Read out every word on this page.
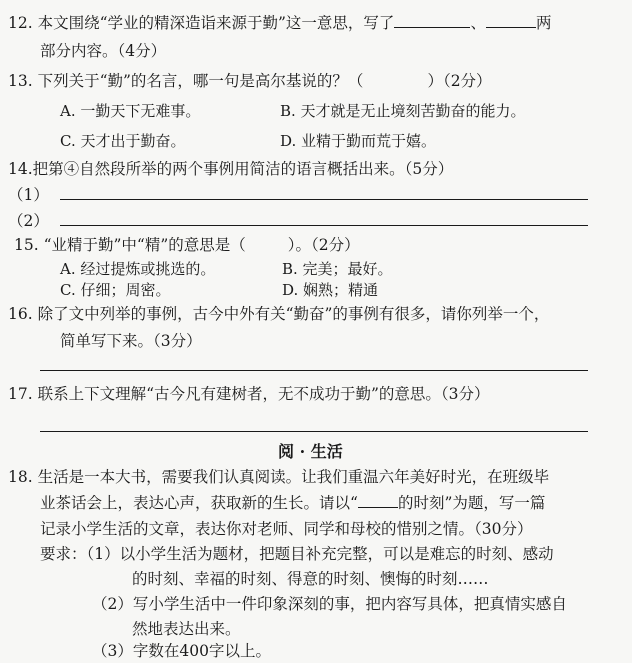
12. 本文围绕“学业的精深造诣来源于勤”这一意思，写了	、	两
部分内容。（4分）
13. 下列关于“勤”的名言，哪一句是高尔基说的？（	）（2分）
A. 一勤天下无难事。	B. 天才就是无止境刻苦勤奋的能力。
C. 天才出于勤奋。	D. 业精于勤而荒于嬉。
14.把第④自然段所举的两个事例用简洁的语言概括出来。（5分）
（1）
（2）
15. “业精于勤”中“精”的意思是（	）。（2分）
A. 经过提炼或挑选的。	B. 完美；最好。
C. 仔细；周密。	D. 娴熟；精通
16. 除了文中列举的事例，古今中外有关“勤奋”的事例有很多，请你列举一个，
简单写下来。（3分）
17. 联系上下文理解“古今凡有建树者，无不成功于勤”的意思。（3分）
阅 · 生活
18. 生活是一本大书，需要我们认真阅读。让我们重温六年美好时光，在班级毕
业茶话会上，表达心声，获取新的生长。请以“	的时刻”为题，写一篇
记录小学生活的文章，表达你对老师、同学和母校的惜别之情。（30分）
要求：（1）以小学生活为题材，把题目补充完整，可以是难忘的时刻、感动
的时刻、幸福的时刻、得意的时刻、懊悔的时刻……
（2）写小学生活中一件印象深刻的事，把内容写具体，把真情实感自
然地表达出来。
（3）字数在400字以上。
